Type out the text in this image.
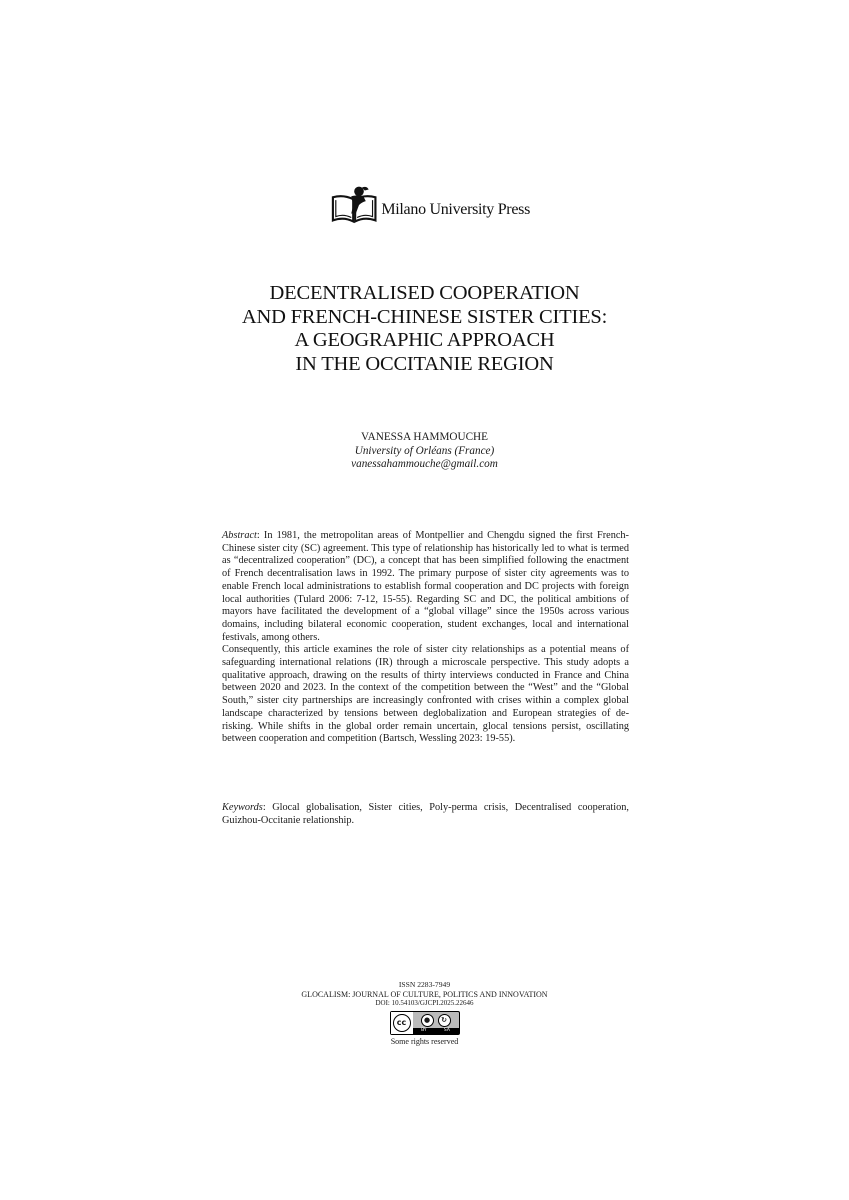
Milano University Press
DECENTRALISED COOPERATION
AND FRENCH-CHINESE SISTER CITIES:
A GEOGRAPHIC APPROACH
IN THE OCCITANIE REGION
VANESSA HAMMOUCHE
University of Orléans (France)
vanessahammouche@gmail.com

Abstract: In 1981, the metropolitan areas of Montpellier and Chengdu signed the first French-Chinese sister city (SC) agreement. This type of relationship has historically led to what is termed as “decentralized cooperation” (DC), a concept that has been simplified following the enactment of French decentralisation laws in 1992. The primary purpose of sister city agreements was to enable French local administrations to establish formal cooperation and DC projects with foreign local authorities (Tulard 2006: 7-12, 15-55). Regarding SC and DC, the political ambitions of mayors have facilitated the development of a “global village” since the 1950s across various domains, including bilateral economic cooperation, student exchanges, local and international festivals, among others.

Consequently, this article examines the role of sister city relationships as a potential means of safeguarding international relations (IR) through a microscale perspective. This study adopts a qualitative approach, drawing on the results of thirty interviews conducted in France and China between 2020 and 2023. In the context of the competition between the “West” and the “Global South,” sister city partnerships are increasingly confronted with crises within a complex global landscape characterized by tensions between deglobalization and European strategies of de-risking. While shifts in the global order remain uncertain, glocal tensions persist, oscillating between cooperation and competition (Bartsch, Wessling 2023: 19-55).

Keywords: Glocal globalisation, Sister cities, Poly-perma crisis, Decentralised cooperation, Guizhou-Occitanie relationship.

ISSN 2283-7949
GLOCALISM: JOURNAL OF CULTURE, POLITICS AND INNOVATION
DOI: 10.54103/GJCPI.2025.22646
cc	●	↻
BY	SA
Some rights reserved
